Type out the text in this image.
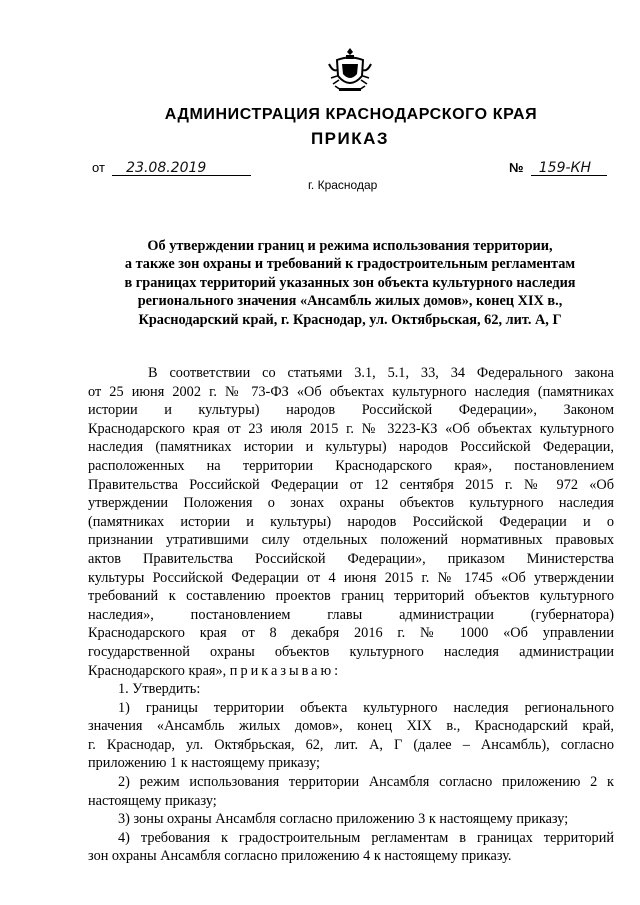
АДМИНИСТРАЦИЯ КРАСНОДАРСКОГО КРАЯ
ПРИКАЗ
от 23.08.2019	№ 159-КН
г. Краснодар
Об утверждении границ и режима использования территории,
а также зон охраны и требований к градостроительным регламентам
в границах территорий указанных зон объекта культурного наследия
регионального значения «Ансамбль жилых домов», конец XIX в.,
Краснодарский край, г. Краснодар, ул. Октябрьская, 62, лит. А, Г
В соответствии со статьями 3.1, 5.1, 33, 34 Федерального закона
от 25 июня 2002 г. № 73-ФЗ «Об объектах культурного наследия (памятниках
истории и культуры) народов Российской Федерации», Законом
Краснодарского края от 23 июля 2015 г. № 3223-КЗ «Об объектах культурного
наследия (памятниках истории и культуры) народов Российской Федерации,
расположенных на территории Краснодарского края», постановлением
Правительства Российской Федерации от 12 сентября 2015 г. № 972 «Об
утверждении Положения о зонах охраны объектов культурного наследия
(памятниках истории и культуры) народов Российской Федерации и о
признании утратившими силу отдельных положений нормативных правовых
актов Правительства Российской Федерации», приказом Министерства
культуры Российской Федерации от 4 июня 2015 г. № 1745 «Об утверждении
требований к составлению проектов границ территорий объектов культурного
наследия», постановлением главы администрации (губернатора)
Краснодарского края от 8 декабря 2016 г. № 1000 «Об управлении
государственной охраны объектов культурного наследия администрации
Краснодарского края», приказываю:
1. Утвердить:
1) границы территории объекта культурного наследия регионального
значения «Ансамбль жилых домов», конец XIX в., Краснодарский край,
г. Краснодар, ул. Октябрьская, 62, лит. А, Г (далее – Ансамбль), согласно
приложению 1 к настоящему приказу;
2) режим использования территории Ансамбля согласно приложению 2 к
настоящему приказу;
3) зоны охраны Ансамбля согласно приложению 3 к настоящему приказу;
4) требования к градостроительным регламентам в границах территорий
зон охраны Ансамбля согласно приложению 4 к настоящему приказу.
